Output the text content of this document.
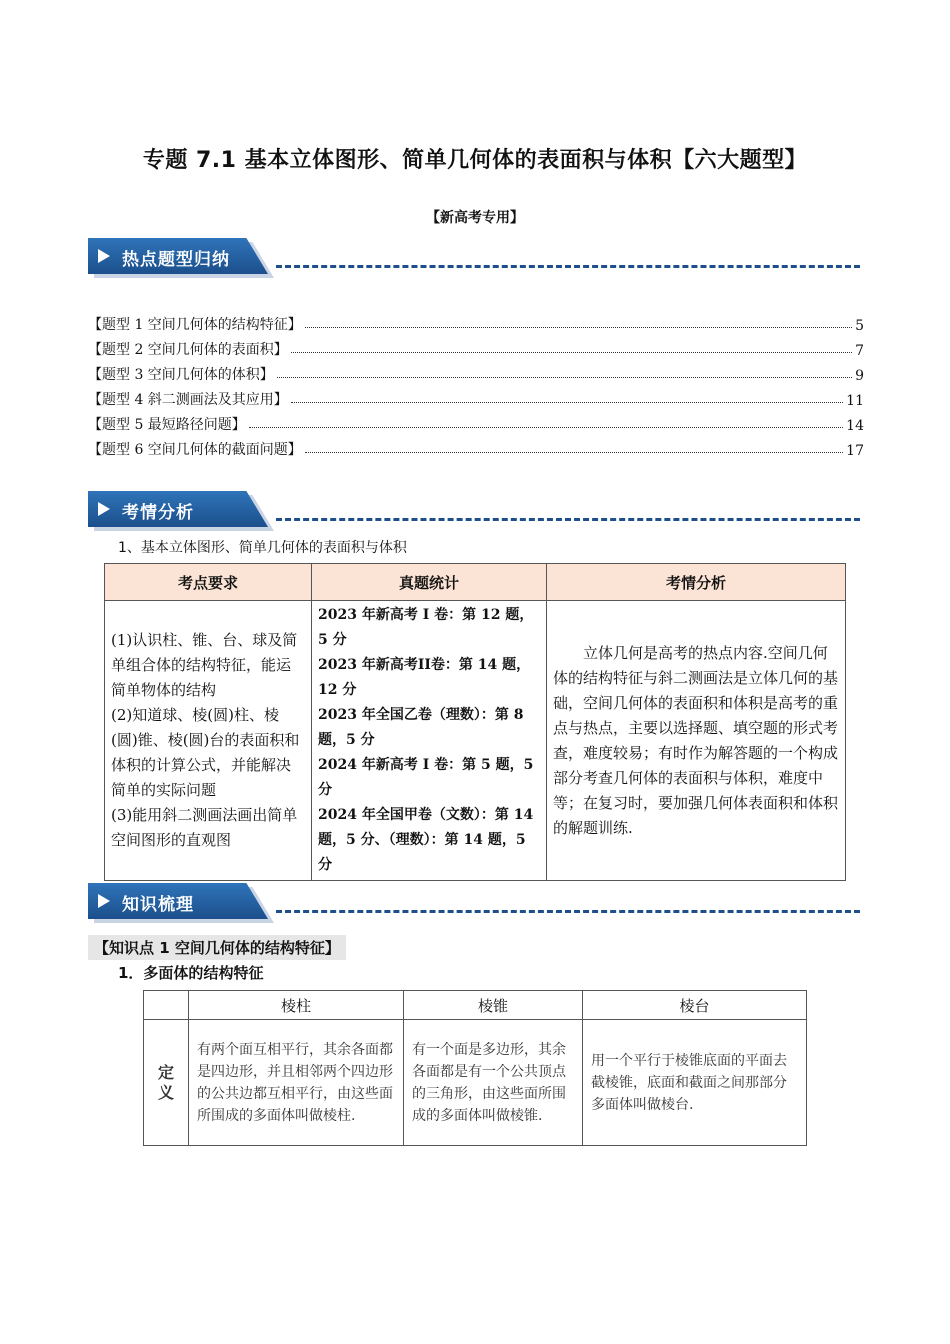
专题 7.1 基本立体图形、简单几何体的表面积与体积【六大题型】
【新高考专用】
热点题型归纳
【题型 1 空间几何体的结构特征】	5
【题型 2 空间几何体的表面积】	7
【题型 3 空间几何体的体积】	9
【题型 4 斜二测画法及其应用】	11
【题型 5 最短路径问题】	14
【题型 6 空间几何体的截面问题】	17
考情分析
1、基本立体图形、简单几何体的表面积与体积
考点要求	真题统计	考情分析
(1)认识柱、锥、台、球及简单组合体的结构特征，能运简单物体的结构
(2)知道球、棱(圆)柱、棱(圆)锥、棱(圆)台的表面积和体积的计算公式，并能解决简单的实际问题
(3)能用斜二测画法画出简单空间图形的直观图	2023 年新高考 I 卷：第 12 题，5 分
2023 年新高考II卷：第 14 题，12 分
2023 年全国乙卷（理数）：第 8 题，5 分
2024 年新高考 I 卷：第 5 题，5 分
2024 年全国甲卷（文数）：第 14 题，5 分、（理数）：第 14 题，5 分	立体几何是高考的热点内容.空间几何体的结构特征与斜二测画法是立体几何的基础，空间几何体的表面积和体积是高考的重点与热点，主要以选择题、填空题的形式考查，难度较易；有时作为解答题的一个构成部分考查几何体的表面积与体积，难度中等；在复习时，要加强几何体表面积和体积的解题训练.
知识梳理
【知识点 1 空间几何体的结构特征】
1．多面体的结构特征
	棱柱	棱锥	棱台
定义	有两个面互相平行，其余各面都是四边形，并且相邻两个四边形的公共边都互相平行，由这些面所围成的多面体叫做棱柱.	有一个面是多边形，其余各面都是有一个公共顶点的三角形，由这些面所围成的多面体叫做棱锥.	用一个平行于棱锥底面的平面去截棱锥，底面和截面之间那部分多面体叫做棱台.
